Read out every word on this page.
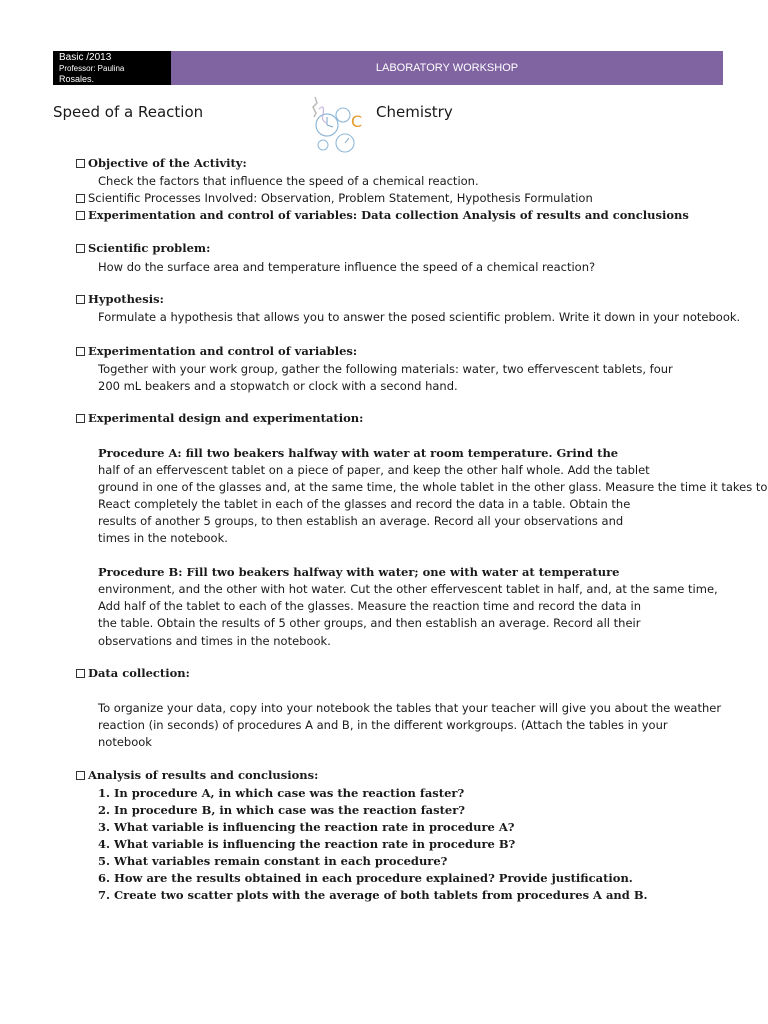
Basic /2013
Professor: Paulina
Rosales.
LABORATORY WORKSHOP
Speed of a Reaction	Chemistry
C
Objective of the Activity:
Check the factors that influence the speed of a chemical reaction.
Scientific Processes Involved: Observation, Problem Statement, Hypothesis Formulation
Experimentation and control of variables: Data collection Analysis of results and conclusions
Scientific problem:
How do the surface area and temperature influence the speed of a chemical reaction?
Hypothesis:
Formulate a hypothesis that allows you to answer the posed scientific problem. Write it down in your notebook.
Experimentation and control of variables:
Together with your work group, gather the following materials: water, two effervescent tablets, four
200 mL beakers and a stopwatch or clock with a second hand.
Experimental design and experimentation:
Procedure A: fill two beakers halfway with water at room temperature. Grind the
half of an effervescent tablet on a piece of paper, and keep the other half whole. Add the tablet
ground in one of the glasses and, at the same time, the whole tablet in the other glass. Measure the time it takes to
React completely the tablet in each of the glasses and record the data in a table. Obtain the
results of another 5 groups, to then establish an average. Record all your observations and
times in the notebook.
Procedure B: Fill two beakers halfway with water; one with water at temperature
environment, and the other with hot water. Cut the other effervescent tablet in half, and, at the same time,
Add half of the tablet to each of the glasses. Measure the reaction time and record the data in
the table. Obtain the results of 5 other groups, and then establish an average. Record all their
observations and times in the notebook.
Data collection:
To organize your data, copy into your notebook the tables that your teacher will give you about the weather
reaction (in seconds) of procedures A and B, in the different workgroups. (Attach the tables in your
notebook
Analysis of results and conclusions:
1. In procedure A, in which case was the reaction faster?
2. In procedure B, in which case was the reaction faster?
3. What variable is influencing the reaction rate in procedure A?
4. What variable is influencing the reaction rate in procedure B?
5. What variables remain constant in each procedure?
6. How are the results obtained in each procedure explained? Provide justification.
7. Create two scatter plots with the average of both tablets from procedures A and B.
